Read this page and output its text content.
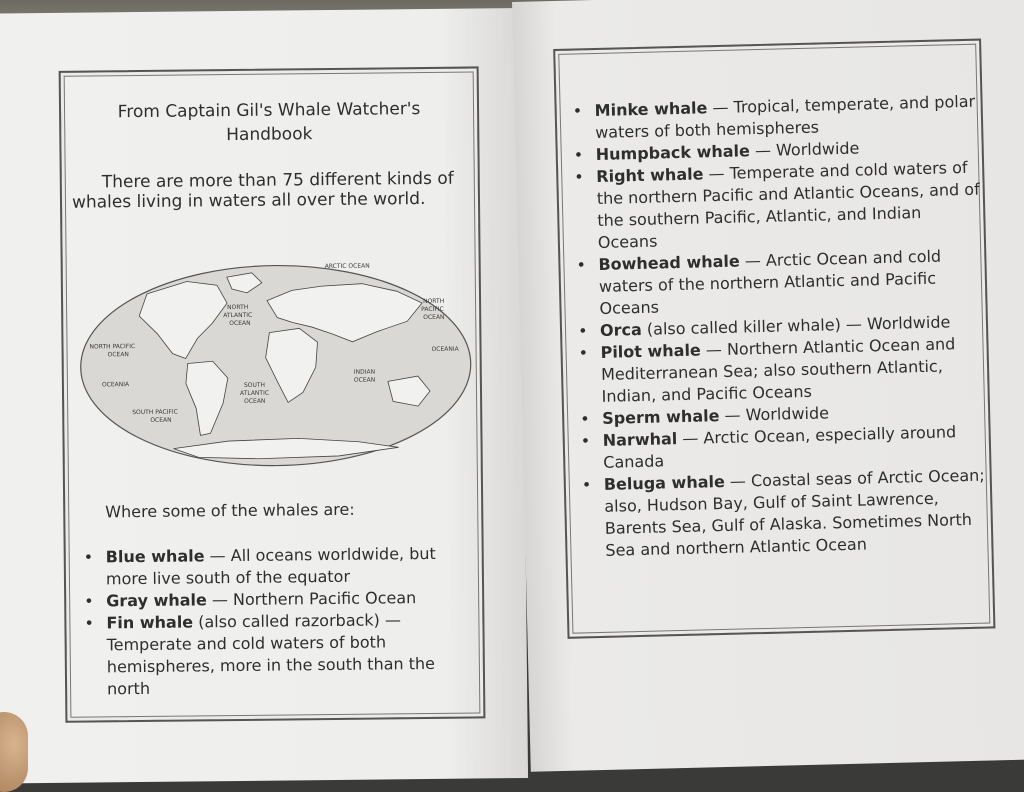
From Captain Gil's Whale Watcher's
Handbook
There are more than 75 different kinds of whales living in waters all over the world.
ARCTIC OCEAN
NORTH
ATLANTIC
OCEAN
NORTH PACIFIC
OCEAN
NORTH
PACIFIC
OCEAN
OCEANIA
OCEANIA
SOUTH
ATLANTIC
OCEAN
INDIAN
OCEAN
SOUTH PACIFIC
OCEAN
Where some of the whales are:
• Blue whale — All oceans worldwide, but more live south of the equator
• Gray whale — Northern Pacific Ocean
• Fin whale (also called razorback) — Temperate and cold waters of both hemispheres, more in the south than the north
• Minke whale — Tropical, temperate, and polar waters of both hemispheres
• Humpback whale — Worldwide
• Right whale — Temperate and cold waters of the northern Pacific and Atlantic Oceans, and of the southern Pacific, Atlantic, and Indian Oceans
• Bowhead whale — Arctic Ocean and cold waters of the northern Atlantic and Pacific Oceans
• Orca (also called killer whale) — Worldwide
• Pilot whale — Northern Atlantic Ocean and Mediterranean Sea; also southern Atlantic, Indian, and Pacific Oceans
• Sperm whale — Worldwide
• Narwhal — Arctic Ocean, especially around Canada
• Beluga whale — Coastal seas of Arctic Ocean; also, Hudson Bay, Gulf of Saint Lawrence, Barents Sea, Gulf of Alaska. Sometimes North Sea and northern Atlantic Ocean
